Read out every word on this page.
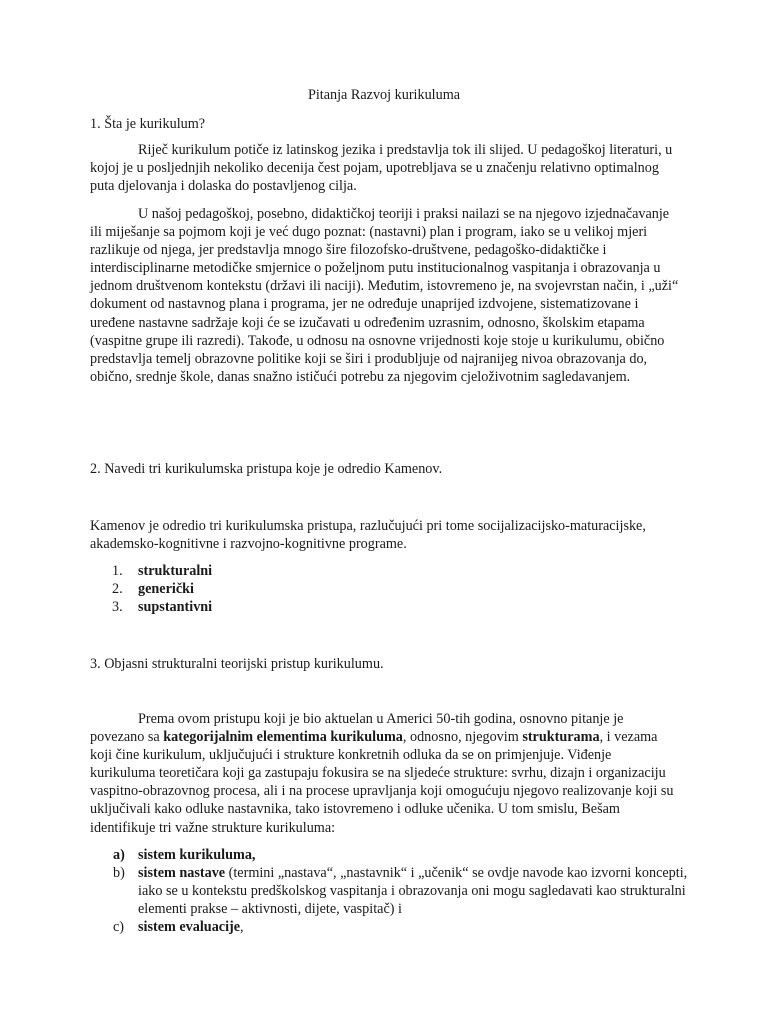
Pitanja Razvoj kurikuluma

1. Šta je kurikulum?

Riječ kurikulum potiče iz latinskog jezika i predstavlja tok ili slijed. U pedagoškoj literaturi, u kojoj je u posljednjih nekoliko decenija čest pojam, upotrebljava se u značenju relativno optimalnog puta djelovanja i dolaska do postavljenog cilja.

U našoj pedagoškoj, posebno, didaktičkoj teoriji i praksi nailazi se na njegovo izjednačavanje ili miješanje sa pojmom koji je već dugo poznat: (nastavni) plan i program, iako se u velikoj mjeri razlikuje od njega, jer predstavlja mnogo šire filozofsko-društvene, pedagoško-didaktičke i interdisciplinarne metodičke smjernice o poželjnom putu institucionalnog vaspitanja i obrazovanja u jednom društvenom kontekstu (državi ili naciji). Međutim, istovremeno je, na svojevrstan način, i „uži“ dokument od nastavnog plana i programa, jer ne određuje unaprijed izdvojene, sistematizovane i uređene nastavne sadržaje koji će se izučavati u određenim uzrasnim, odnosno, školskim etapama (vaspitne grupe ili razredi). Takođe, u odnosu na osnovne vrijednosti koje stoje u kurikulumu, obično predstavlja temelj obrazovne politike koji se širi i produbljuje od najranijeg nivoa obrazovanja do, obično, srednje škole, danas snažno ističući potrebu za njegovim cjeloživotnim sagledavanjem.

2. Navedi tri kurikulumska pristupa koje je odredio Kamenov.

Kamenov je odredio tri kurikulumska pristupa, razlučujući pri tome socijalizacijsko-maturacijske, akademsko-kognitivne i razvojno-kognitivne programe.

1.	strukturalni
2.	generički
3.	supstantivni

3. Objasni strukturalni teorijski pristup kurikulumu.

Prema ovom pristupu koji je bio aktuelan u Americi 50-tih godina, osnovno pitanje je povezano sa kategorijalnim elementima kurikuluma, odnosno, njegovim strukturama, i vezama koji čine kurikulum, uključujući i strukture konkretnih odluka da se on primjenjuje. Viđenje kurikuluma teoretičara koji ga zastupaju fokusira se na sljedeće strukture: svrhu, dizajn i organizaciju vaspitno-obrazovnog procesa, ali i na procese upravljanja koji omogućuju njegovo realizovanje koji su uključivali kako odluke nastavnika, tako istovremeno i odluke učenika. U tom smislu, Bešam identifikuje tri važne strukture kurikuluma:

a) sistem kurikuluma,
b) sistem nastave (termini „nastava“, „nastavnik“ i „učenik“ se ovdje navode kao izvorni koncepti, iako se u kontekstu predškolskog vaspitanja i obrazovanja oni mogu sagledavati kao strukturalni elementi prakse – aktivnosti, dijete, vaspitač) i
c) sistem evaluacije,
